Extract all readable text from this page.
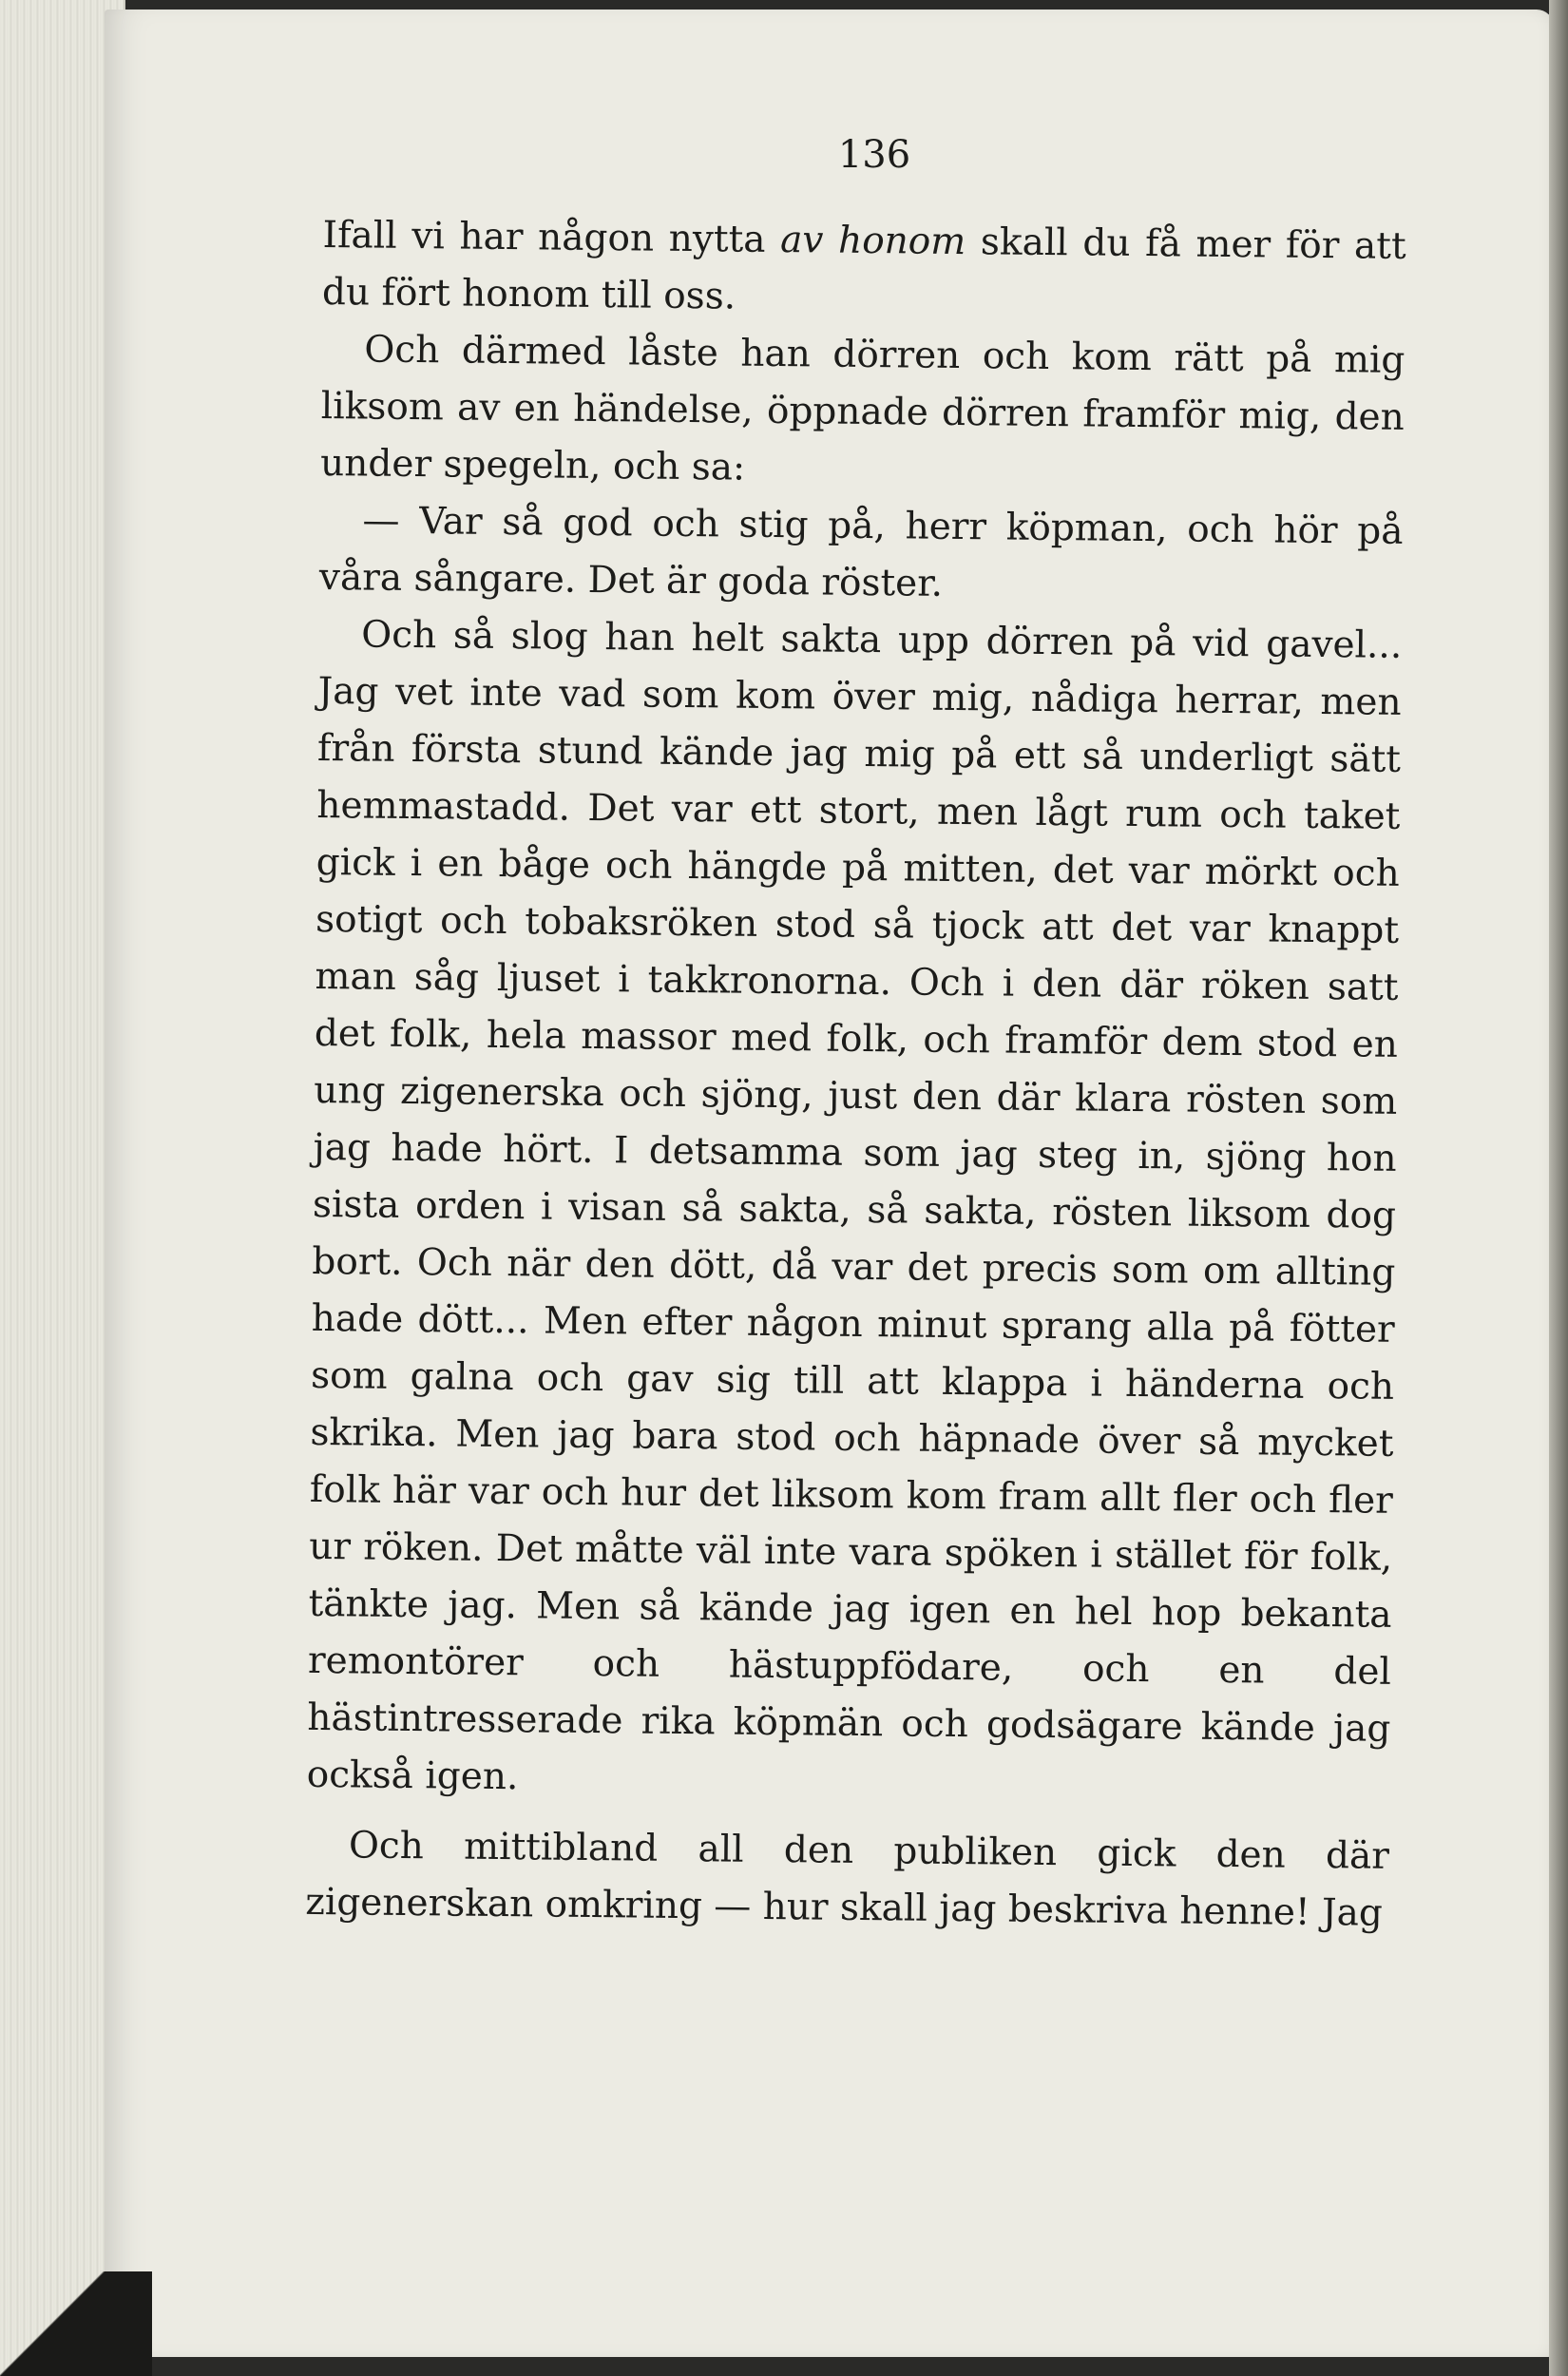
136

Ifall vi har någon nytta av honom skall du få mer för att du fört honom till oss.

Och därmed låste han dörren och kom rätt på mig liksom av en händelse, öppnade dörren framför mig, den under spegeln, och sa:

— Var så god och stig på, herr köpman, och hör på våra sångare. Det är goda röster.

Och så slog han helt sakta upp dörren på vid gavel... Jag vet inte vad som kom över mig, nådiga herrar, men från första stund kände jag mig på ett så underligt sätt hemmastadd. Det var ett stort, men lågt rum och taket gick i en båge och hängde på mitten, det var mörkt och sotigt och tobaksröken stod så tjock att det var knappt man såg ljuset i takkronorna. Och i den där röken satt det folk, hela massor med folk, och framför dem stod en ung zigenerska och sjöng, just den där klara rösten som jag hade hört. I detsamma som jag steg in, sjöng hon sista orden i visan så sakta, så sakta, rösten liksom dog bort. Och när den dött, då var det precis som om allting hade dött... Men efter någon minut sprang alla på fötter som galna och gav sig till att klappa i händerna och skrika. Men jag bara stod och häpnade över så mycket folk här var och hur det liksom kom fram allt fler och fler ur röken. Det måtte väl inte vara spöken i stället för folk, tänkte jag. Men så kände jag igen en hel hop bekanta remontörer och hästuppfödare, och en del hästintresserade rika köpmän och godsägare kände jag också igen.

Och mittibland all den publiken gick den där zigenerskan omkring — hur skall jag beskriva henne! Jag
